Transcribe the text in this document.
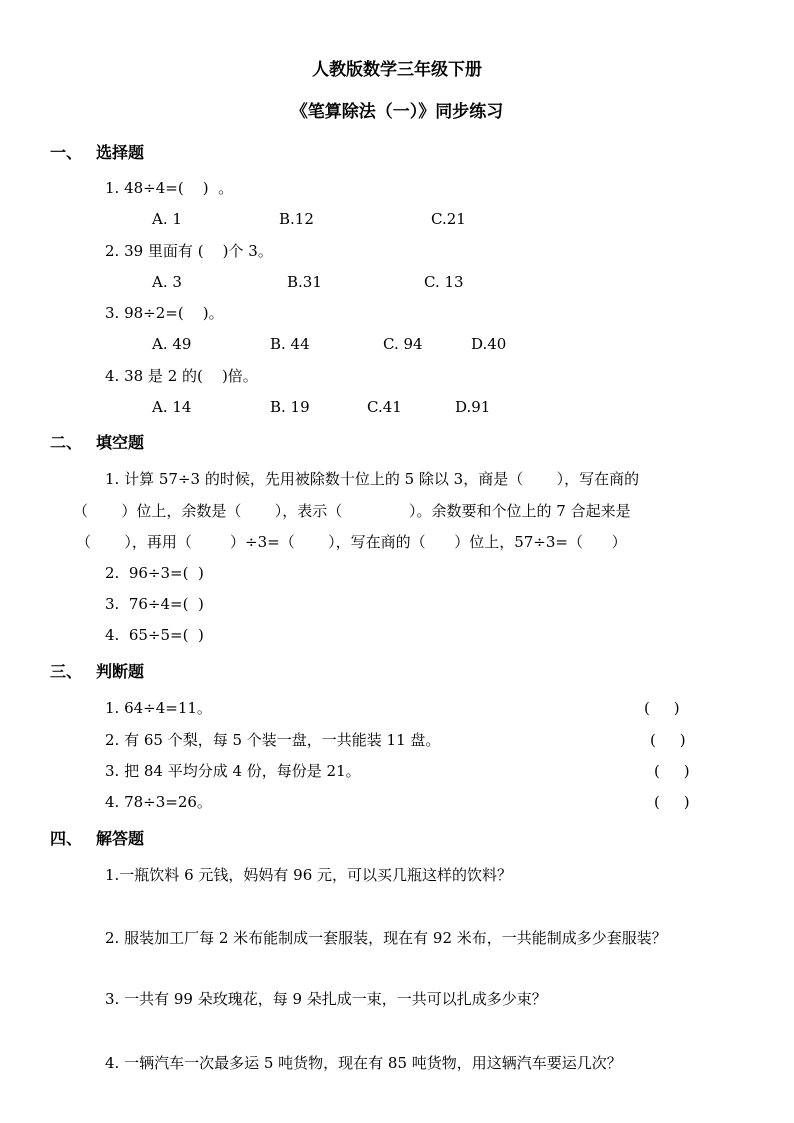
人教版数学三年级下册
《笔算除法（一）》同步练习
一、 选择题
1. 48÷4=(    )  。
A. 1	B.12	C.21
2. 39 里面有 (    )个 3。
A. 3	B.31	C. 13
3. 98÷2=(    )。
A. 49	B. 44	C. 94	D.40
4. 38 是 2 的(    )倍。
A. 14	B. 19	C.41	D.91
二、 填空题
1. 计算 57÷3 的时候，先用被除数十位上的 5 除以 3，商是（       ），写在商的
（       ）位上，余数是（       ），表示（              ）。余数要和个位上的 7 合起来是
（       ），再用（        ）÷3=（       ），写在商的（      ）位上，57÷3=（      ）
2.  96÷3=(  )
3.  76÷4=(  )
4.  65÷5=(  )
三、 判断题
1. 64÷4=11。	(     )
2. 有 65 个梨，每 5 个装一盘，一共能装 11 盘。	(     )
3. 把 84 平均分成 4 份，每份是 21。	(     )
4. 78÷3=26。	(     )
四、 解答题
1.一瓶饮料 6 元钱，妈妈有 96 元，可以买几瓶这样的饮料？
2. 服装加工厂每 2 米布能制成一套服装，现在有 92 米布，一共能制成多少套服装？
3. 一共有 99 朵玫瑰花，每 9 朵扎成一束，一共可以扎成多少束？
4. 一辆汽车一次最多运 5 吨货物，现在有 85 吨货物，用这辆汽车要运几次？
